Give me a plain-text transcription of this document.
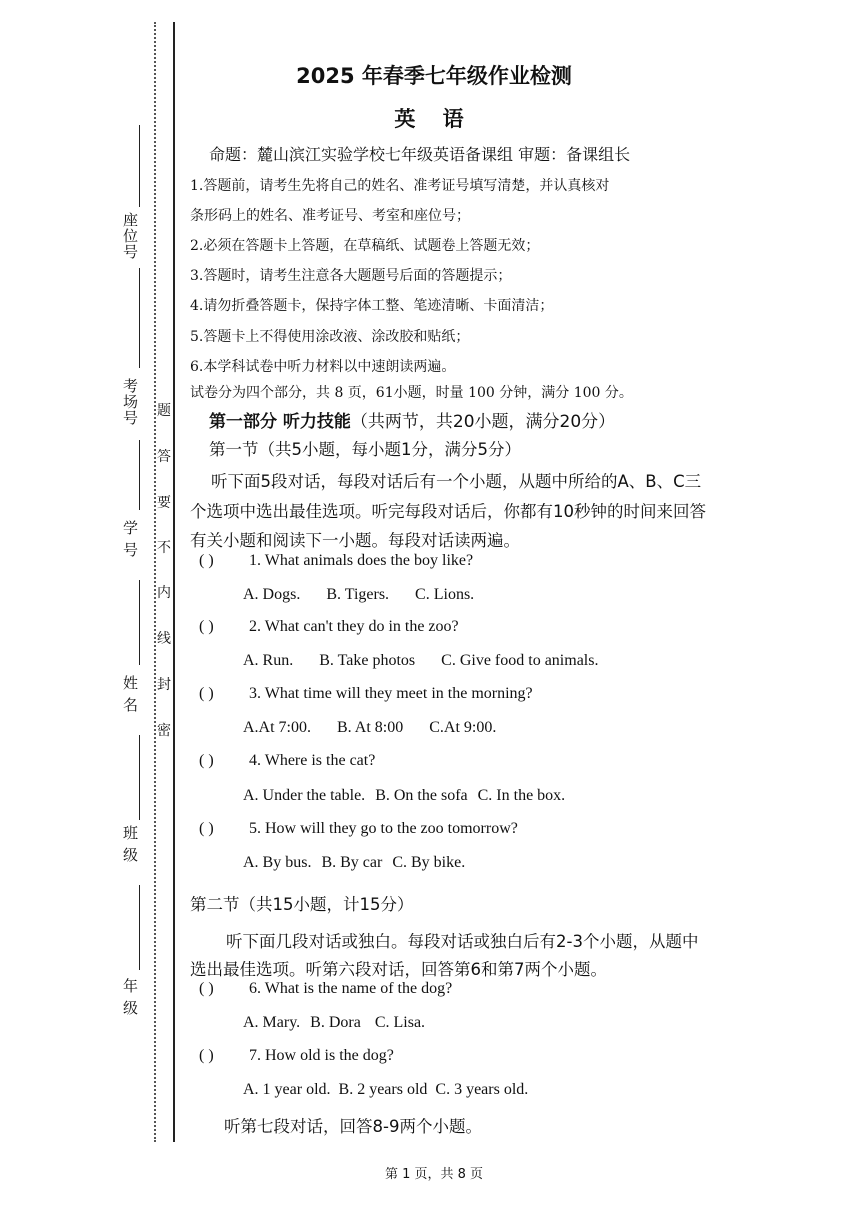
座位号
考场号
学 号
姓 名
班 级
年 级
题
答
要
不
内
线
封
密
2025 年春季七年级作业检测
英 语
命题：麓山滨江实验学校七年级英语备课组 审题：备课组长
1.答题前，请考生先将自己的姓名、准考证号填写清楚，并认真核对
条形码上的姓名、准考证号、考室和座位号；
2.必须在答题卡上答题，在草稿纸、试题卷上答题无效；
3.答题时，请考生注意各大题题号后面的答题提示；
4.请勿折叠答题卡，保持字体工整、笔迹清晰、卡面清洁；
5.答题卡上不得使用涂改液、涂改胶和贴纸；
6.本学科试卷中听力材料以中速朗读两遍。
试卷分为四个部分，共 8 页，61小题，时量 100 分钟，满分 100 分。
第一部分 听力技能（共两节，共20小题，满分20分）
第一节（共5小题，每小题1分，满分5分）
听下面5段对话，每段对话后有一个小题，从题中所给的A、B、C三
个选项中选出最佳选项。听完每段对话后，你都有10秒钟的时间来回答
有关小题和阅读下一小题。每段对话读两遍。
( ) 1. What animals does the boy like?
A. Dogs. B. Tigers. C. Lions.
( ) 2. What can't they do in the zoo?
A. Run. B. Take photos C. Give food to animals.
( ) 3. What time will they meet in the morning?
A.At 7:00. B. At 8:00 C.At 9:00.
( ) 4. Where is the cat?
A. Under the table. B. On the sofa C. In the box.
( ) 5. How will they go to the zoo tomorrow?
A. By bus. B. By car C. By bike.
第二节（共15小题，计15分）
听下面几段对话或独白。每段对话或独白后有2-3个小题，从题中
选出最佳选项。听第六段对话，回答第6和第7两个小题。
( ) 6. What is the name of the dog?
A. Mary. B. Dora C. Lisa.
( ) 7. How old is the dog?
A. 1 year old. B. 2 years old C. 3 years old.
听第七段对话，回答8-9两个小题。
第 1 页，共 8 页
